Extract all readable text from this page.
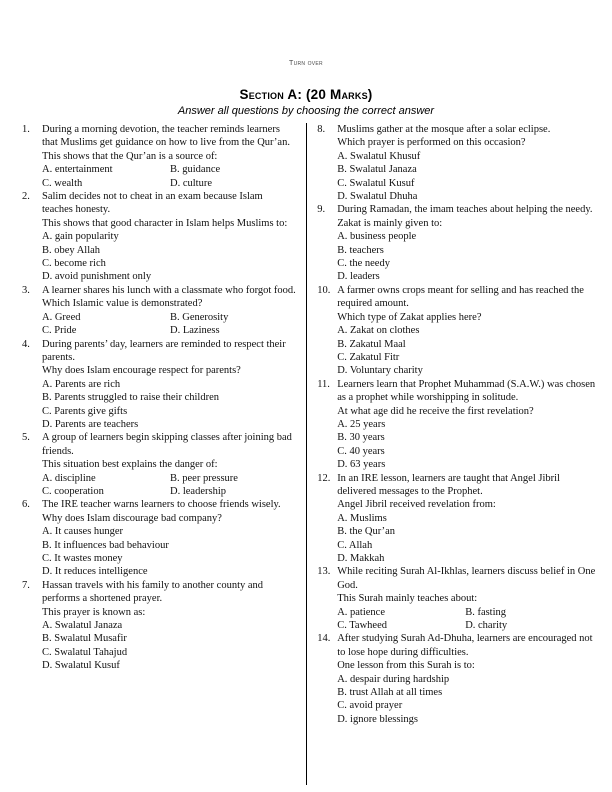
Turn over
Section A: (20 Marks)
Answer all questions by choosing the correct answer
1.	During a morning devotion, the teacher reminds learners that Muslims get guidance on how to live from the Qur’an.
This shows that the Qur’an is a source of:
A. entertainment	B. guidance
C. wealth	D. culture
2.	Salim decides not to cheat in an exam because Islam teaches honesty.
This shows that good character in Islam helps Muslims to:
A. gain popularity
B. obey Allah
C. become rich
D. avoid punishment only
3.	A learner shares his lunch with a classmate who forgot food.
Which Islamic value is demonstrated?
A. Greed	B. Generosity
C. Pride	D. Laziness
4.	During parents’ day, learners are reminded to respect their parents.
Why does Islam encourage respect for parents?
A. Parents are rich
B. Parents struggled to raise their children
C. Parents give gifts
D. Parents are teachers
5.	A group of learners begin skipping classes after joining bad friends.
This situation best explains the danger of:
A. discipline	B. peer pressure
C. cooperation	D. leadership
6.	The IRE teacher warns learners to choose friends wisely.
Why does Islam discourage bad company?
A. It causes hunger
B. It influences bad behaviour
C. It wastes money
D. It reduces intelligence
7.	Hassan travels with his family to another county and performs a shortened prayer.
This prayer is known as:
A. Swalatul Janaza
B. Swalatul Musafir
C. Swalatul Tahajud
D. Swalatul Kusuf
8.	Muslims gather at the mosque after a solar eclipse.
Which prayer is performed on this occasion?
A. Swalatul Khusuf
B. Swalatul Janaza
C. Swalatul Kusuf
D. Swalatul Dhuha
9.	During Ramadan, the imam teaches about helping the needy.
Zakat is mainly given to:
A. business people
B. teachers
C. the needy
D. leaders
10. A farmer owns crops meant for selling and has reached the required amount.
Which type of Zakat applies here?
A. Zakat on clothes
B. Zakatul Maal
C. Zakatul Fitr
D. Voluntary charity
11. Learners learn that Prophet Muhammad (S.A.W.) was chosen as a prophet while worshipping in solitude.
At what age did he receive the first revelation?
A. 25 years
B. 30 years
C. 40 years
D. 63 years
12. In an IRE lesson, learners are taught that Angel Jibril delivered messages to the Prophet.
Angel Jibril received revelation from:
A. Muslims
B. the Qur’an
C. Allah
D. Makkah
13. While reciting Surah Al-Ikhlas, learners discuss belief in One God.
This Surah mainly teaches about:
A. patience	B. fasting
C. Tawheed	D. charity
14. After studying Surah Ad-Dhuha, learners are encouraged not to lose hope during difficulties.
One lesson from this Surah is to:
A. despair during hardship
B. trust Allah at all times
C. avoid prayer
D. ignore blessings
